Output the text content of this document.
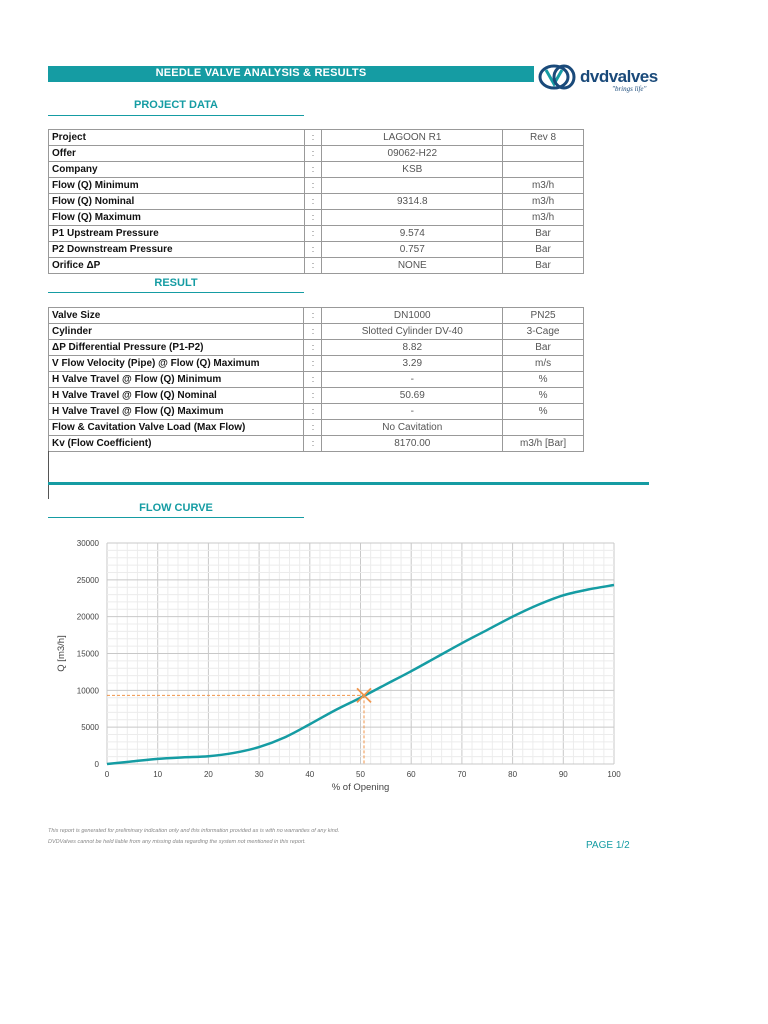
NEEDLE VALVE ANALYSIS & RESULTS	dvdvalves
"brings life"
PROJECT DATA
Project	:	LAGOON R1	Rev 8
Offer	:	09062-H22	
Company	:	KSB	
Flow (Q) Minimum	:		m3/h
Flow (Q) Nominal	:	9314.8	m3/h
Flow (Q) Maximum	:		m3/h
P1 Upstream Pressure	:	9.574	Bar
P2 Downstream Pressure	:	0.757	Bar
Orifice ΔP	:	NONE	Bar
RESULT
Valve Size	:	DN1000	PN25
Cylinder	:	Slotted Cylinder DV-40	3-Cage
ΔP Differential Pressure (P1-P2)	:	8.82	Bar
V Flow Velocity (Pipe) @ Flow (Q) Maximum	:	3.29	m/s
H Valve Travel @ Flow (Q) Minimum	:	-	%
H Valve Travel @ Flow (Q) Nominal	:	50.69	%
H Valve Travel @ Flow (Q) Maximum	:	-	%
Flow & Cavitation Valve Load (Max Flow)	:	No Cavitation	
Kv (Flow Coefficient)	:	8170.00	m3/h [Bar]
FLOW CURVE
0
5000
10000
15000
20000
25000
30000
0	10	20	30	40	50	60	70	80	90	100
% of Opening
Q [m3/h]
This report is generated for preliminary indication only and this information provided as is with no warranties of any kind.
DVDValves cannot be held liable from any missing data regarding the system not mentioned in this report.	PAGE 1/2
